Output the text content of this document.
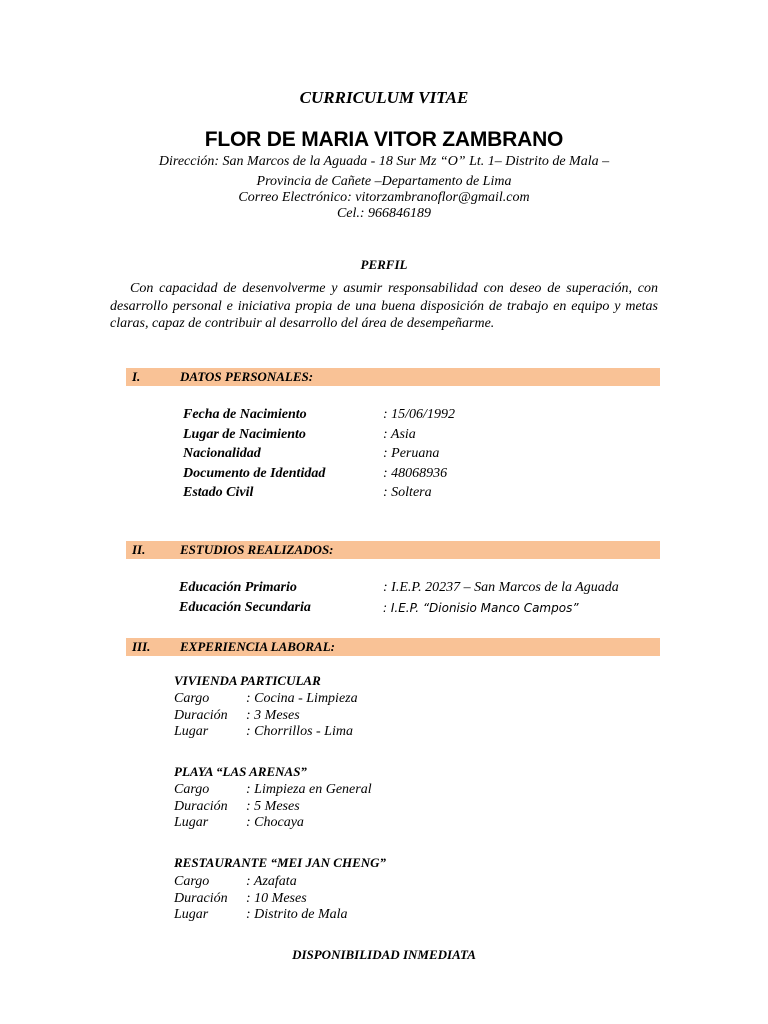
CURRICULUM VITAE
FLOR DE MARIA VITOR ZAMBRANO
Dirección: San Marcos de la Aguada - 18 Sur Mz “O” Lt. 1– Distrito de Mala –
Provincia de Cañete –Departamento de Lima
Correo Electrónico: vitorzambranoflor@gmail.com
Cel.: 966846189
PERFIL
Con capacidad de desenvolverme y asumir responsabilidad con deseo de superación, con desarrollo personal e iniciativa propia de una buena disposición de trabajo en equipo y metas claras, capaz de contribuir al desarrollo del área de desempeñarme.
I.	DATOS PERSONALES:
Fecha de Nacimiento	: 15/06/1992
Lugar de Nacimiento	: Asia
Nacionalidad	: Peruana
Documento de Identidad	: 48068936
Estado Civil	: Soltera
II.	ESTUDIOS REALIZADOS:
Educación Primario	: I.E.P. 20237 – San Marcos de la Aguada
Educación Secundaria	: I.E.P. “Dionisio Manco Campos”
III. EXPERIENCIA LABORAL:
VIVIENDA PARTICULAR
Cargo	: Cocina - Limpieza
Duración : 3 Meses
Lugar	: Chorrillos - Lima
PLAYA “LAS ARENAS”
Cargo	: Limpieza en General
Duración : 5 Meses
Lugar	: Chocaya
RESTAURANTE “MEI JAN CHENG”
Cargo	: Azafata
Duración : 10 Meses
Lugar	: Distrito de Mala
DISPONIBILIDAD INMEDIATA
